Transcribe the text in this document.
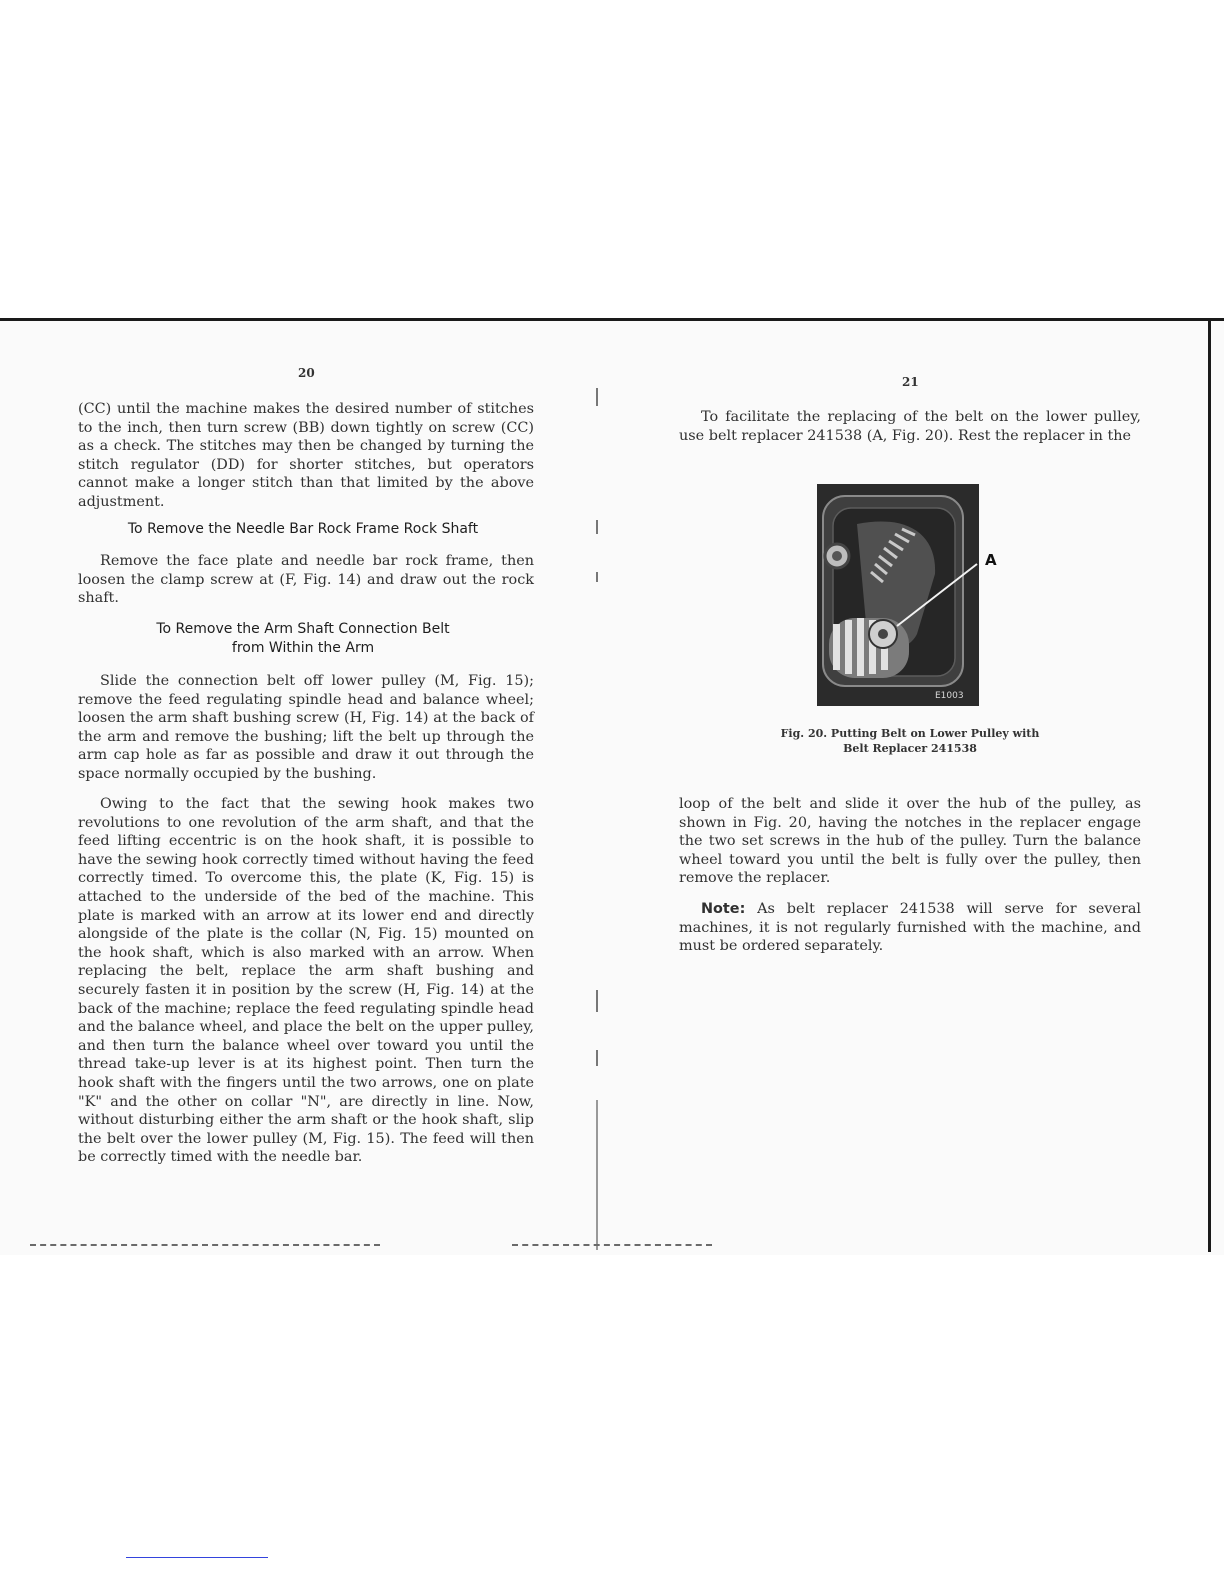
20

(CC) until the machine makes the desired number of stitches to the inch, then turn screw (BB) down tightly on screw (CC) as a check. The stitches may then be changed by turning the stitch regulator (DD) for shorter stitches, but operators cannot make a longer stitch than that limited by the above adjustment.

To Remove the Needle Bar Rock Frame Rock Shaft

Remove the face plate and needle bar rock frame, then loosen the clamp screw at (F, Fig. 14) and draw out the rock shaft.

To Remove the Arm Shaft Connection Belt
from Within the Arm

Slide the connection belt off lower pulley (M, Fig. 15); remove the feed regulating spindle head and balance wheel; loosen the arm shaft bushing screw (H, Fig. 14) at the back of the arm and remove the bushing; lift the belt up through the arm cap hole as far as possible and draw it out through the space normally occupied by the bushing.

Owing to the fact that the sewing hook makes two revolutions to one revolution of the arm shaft, and that the feed lifting eccentric is on the hook shaft, it is possible to have the sewing hook correctly timed without having the feed correctly timed. To overcome this, the plate (K, Fig. 15) is attached to the underside of the bed of the machine. This plate is marked with an arrow at its lower end and directly alongside of the plate is the collar (N, Fig. 15) mounted on the hook shaft, which is also marked with an arrow. When replacing the belt, replace the arm shaft bushing and securely fasten it in position by the screw (H, Fig. 14) at the back of the machine; replace the feed regulating spindle head and the balance wheel, and place the belt on the upper pulley, and then turn the balance wheel over toward you until the thread take-up lever is at its highest point. Then turn the hook shaft with the fingers until the two arrows, one on plate "K" and the other on collar "N", are directly in line. Now, without disturbing either the arm shaft or the hook shaft, slip the belt over the lower pulley (M, Fig. 15). The feed will then be correctly timed with the needle bar.

21

To facilitate the replacing of the belt on the lower pulley, use belt replacer 241538 (A, Fig. 20). Rest the replacer in the

E1003
A
Fig. 20. Putting Belt on Lower Pulley with
Belt Replacer 241538

loop of the belt and slide it over the hub of the pulley, as shown in Fig. 20, having the notches in the replacer engage the two set screws in the hub of the pulley. Turn the balance wheel toward you until the belt is fully over the pulley, then remove the replacer.

Note: As belt replacer 241538 will serve for several machines, it is not regularly furnished with the machine, and must be ordered separately.
